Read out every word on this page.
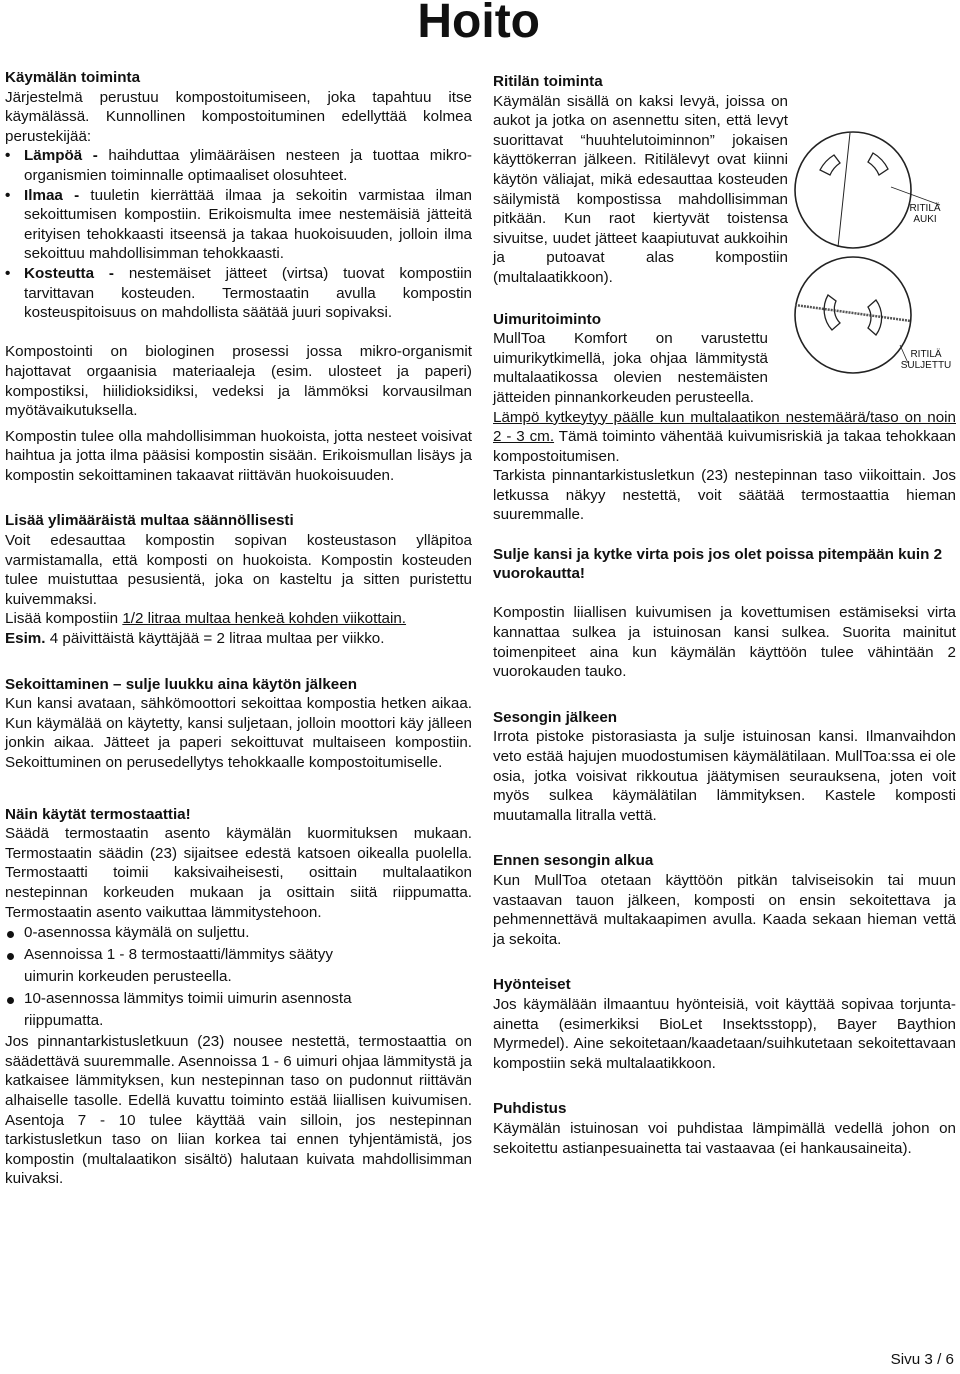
Hoito
Käymälän toiminta

Järjestelmä perustuu kompostoitumiseen, joka tapahtuu itse käymälässä. Kunnollinen kompostoituminen edellyttää kolmea perustekijää:

• Lämpöä - haihduttaa ylimääräisen nesteen ja tuottaa mikro-organismien toiminnalle optimaaliset olosuhteet.

• Ilmaa - tuuletin kierrättää ilmaa ja sekoitin varmistaa ilman sekoittumisen kompostiin. Erikoismulta imee nestemäisiä jätteitä erityisen tehokkaasti itseensä ja takaa huokoisuuden, jolloin ilma sekoittuu mahdollisimman tehokkaasti.

• Kosteutta - nestemäiset jätteet (virtsa) tuovat kompostiin tarvittavan kosteuden. Termostaatin avulla kompostin kosteuspitoisuus on mahdollista säätää juuri sopivaksi.

Kompostointi on biologinen prosessi jossa mikro-organismit hajottavat orgaanisia materiaaleja (esim. ulosteet ja paperi) kompostiksi, hiilidioksidiksi, vedeksi ja lämmöksi korvausilman myötävaikutuksella.

Kompostin tulee olla mahdollisimman huokoista, jotta nesteet voisivat haihtua ja jotta ilma pääsisi kompostin sisään. Erikoismullan lisäys ja kompostin sekoittaminen takaavat riittävän huokoisuuden.

Lisää ylimääräistä multaa säännöllisesti

Voit edesauttaa kompostin sopivan kosteustason ylläpitoa varmistamalla, että komposti on huokoista. Kompostin kosteuden tulee muistuttaa pesusientä, joka on kasteltu ja sitten puristettu kuivemmaksi.

Lisää kompostiin 1/2 litraa multaa henkeä kohden viikottain.

Esim. 4 päivittäistä käyttäjää = 2 litraa multaa per viikko.

Sekoittaminen – sulje luukku aina käytön jälkeen

Kun kansi avataan, sähkömoottori sekoittaa kompostia hetken aikaa. Kun käymälää on käytetty, kansi suljetaan, jolloin moottori käy jälleen jonkin aikaa. Jätteet ja paperi sekoittuvat multaiseen kompostiin. Sekoittuminen on perusedellytys tehokkaalle kompostoitumiselle.

Näin käytät termostaattia!

Säädä termostaatin asento käymälän kuormituksen mukaan. Termostaatin säädin (23) sijaitsee edestä katsoen oikealla puolella. Termostaatti toimii kaksivaiheisesti, osittain multalaatikon nestepinnan korkeuden mukaan ja osittain siitä riippumatta. Termostaatin asento vaikuttaa lämmitystehoon.

0-asennossa käymälä on suljettu.

Asennoissa 1 - 8 termostaatti/lämmitys säätyy

uimurin korkeuden perusteella.

10-asennossa lämmitys toimii uimurin asennosta

riippumatta.

Jos pinnantarkistusletkuun (23) nousee nestettä, termostaattia on säädettävä suuremmalle. Asennoissa 1 - 6 uimuri ohjaa lämmitystä ja katkaisee lämmityksen, kun nestepinnan taso on pudonnut riittävän alhaiselle tasolle. Edellä kuvattu toiminto estää liiallisen kuivumisen. Asentoja 7 - 10 tulee käyttää vain silloin, jos nestepinnan tarkistusletkun taso on liian korkea tai ennen tyhjentämistä, jos kompostin (multalaatikon sisältö) halutaan kuivata mahdollisimman kuivaksi.

Ritilän toiminta

Käymälän sisällä on kaksi levyä, joissa on aukot ja jotka on asennettu siten, että levyt suorittavat “huuhtelutoiminnon” jokaisen käyttökerran jälkeen. Ritilälevyt ovat kiinni käytön väliajat, mikä edesauttaa kosteuden säilymistä kompostissa mahdollisimman pitkään. Kun raot kiertyvät toistensa sivuitse, uudet jätteet kaapiutuvat aukkoihin ja putoavat alas kompostiin (multalaatikkoon).

Uimuritoiminto

MullToa Komfort on varustettu uimurikytkimellä, joka ohjaa lämmitystä multalaatikossa olevien nestemäisten jätteiden pinnankorkeuden perusteella.

Lämpö kytkeytyy päälle kun multalaatikon nestemäärä/taso on noin 2 - 3 cm. Tämä toiminto vähentää kuivumisriskiä ja takaa tehokkaan kompostoitumisen.

Tarkista pinnantarkistusletkun (23) nestepinnan taso viikoittain. Jos letkussa näkyy nestettä, voit säätää termostaattia hieman suuremmalle.

Sulje kansi ja kytke virta pois jos olet poissa pitempään kuin 2 vuorokautta!

Kompostin liiallisen kuivumisen ja kovettumisen estämiseksi virta kannattaa sulkea ja istuinosan kansi sulkea. Suorita mainitut toimenpiteet aina kun käymälän käyttöön tulee vähintään 2 vuorokauden tauko.

Sesongin jälkeen

Irrota pistoke pistorasiasta ja sulje istuinosan kansi. Ilmanvaihdon veto estää hajujen muodostumisen käymälätilaan. MullToa:ssa ei ole osia, jotka voisivat rikkoutua jäätymisen seurauksena, joten voit myös sulkea käymälätilan lämmityksen. Kastele komposti muutamalla litralla vettä.

Ennen sesongin alkua

Kun MullToa otetaan käyttöön pitkän talviseisokin tai muun vastaavan tauon jälkeen, komposti on ensin sekoitettava ja pehmennettävä multakaapimen avulla. Kaada sekaan hieman vettä ja sekoita.

Hyönteiset

Jos käymälään ilmaantuu hyönteisiä, voit käyttää sopivaa torjunta-ainetta (esimerkiksi BioLet Insektsstopp), Bayer Baythion Myrmedel). Aine sekoitetaan/kaadetaan/suihkutetaan sekoitettavaan kompostiin sekä multalaatikkoon.

Puhdistus

Käymälän istuinosan voi puhdistaa lämpimällä vedellä johon on sekoitettu astianpesuainetta tai vastaavaa (ei hankausaineita).

RITILÄ
AUKI
RITILÄ
SULJETTU
Sivu 3 / 6
